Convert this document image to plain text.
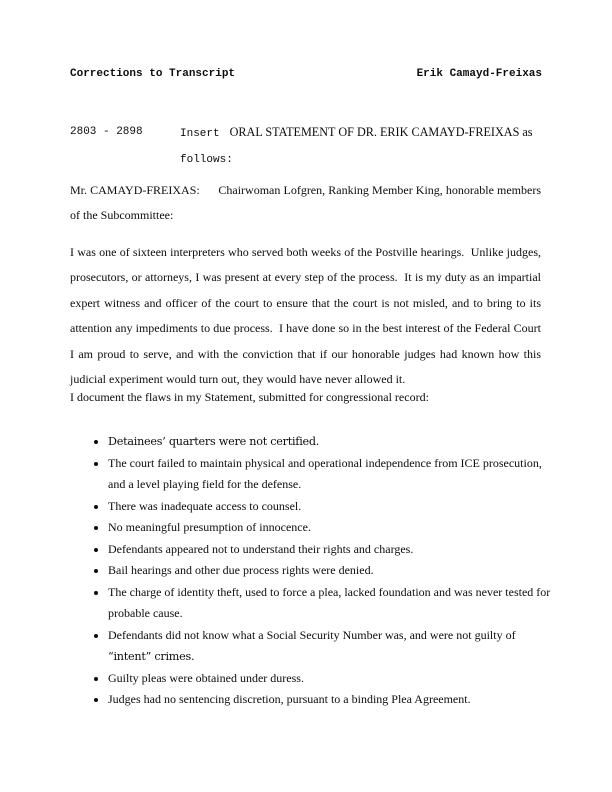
Corrections to Transcript	Erik Camayd-Freixas
2803 - 2898	Insert ORAL STATEMENT OF DR. ERIK CAMAYD-FREIXAS as
follows:

Mr. CAMAYD-FREIXAS:      Chairwoman Lofgren, Ranking Member King, honorable members of the Subcommittee:

I was one of sixteen interpreters who served both weeks of the Postville hearings.  Unlike judges, prosecutors, or attorneys, I was present at every step of the process.  It is my duty as an impartial expert witness and officer of the court to ensure that the court is not misled, and to bring to its attention any impediments to due process.  I have done so in the best interest of the Federal Court I am proud to serve, and with the conviction that if our honorable judges had known how this judicial experiment would turn out, they would have never allowed it.

I document the flaws in my Statement, submitted for congressional record:

• Detainees’ quarters were not certified.
• The court failed to maintain physical and operational independence from ICE prosecution, and a level playing field for the defense.
• There was inadequate access to counsel.
• No meaningful presumption of innocence.
• Defendants appeared not to understand their rights and charges.
• Bail hearings and other due process rights were denied.
• The charge of identity theft, used to force a plea, lacked foundation and was never tested for probable cause.
• Defendants did not know what a Social Security Number was, and were not guilty of “intent” crimes.
• Guilty pleas were obtained under duress.
• Judges had no sentencing discretion, pursuant to a binding Plea Agreement.
